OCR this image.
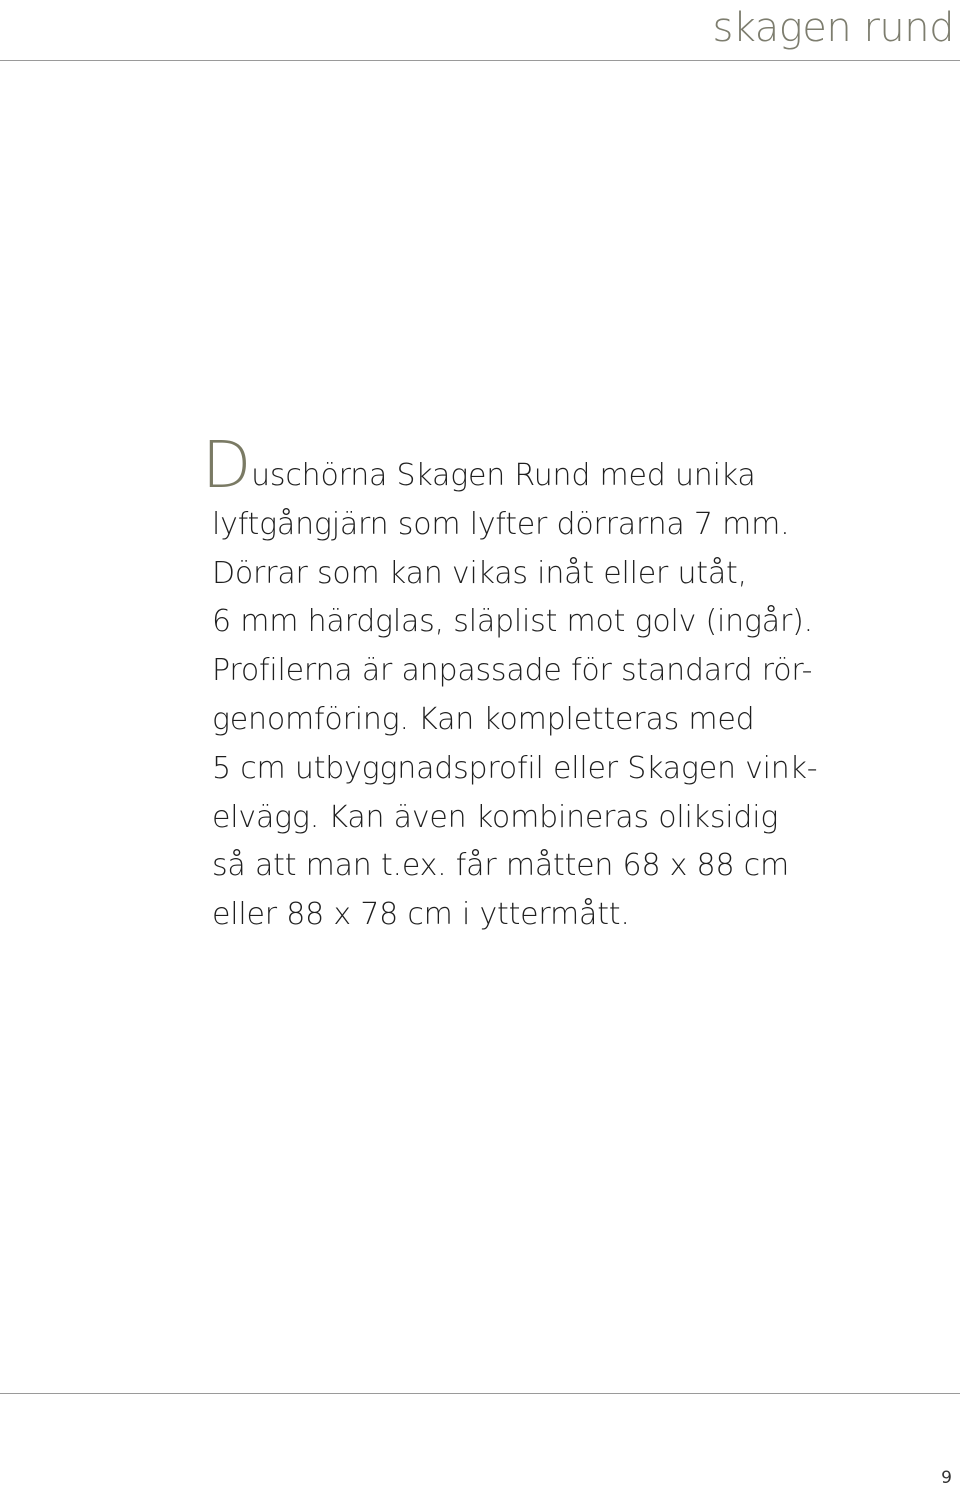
skagen rund
Duschörna Skagen Rund med unika
lyftgångjärn som lyfter dörrarna 7 mm.
Dörrar som kan vikas inåt eller utåt,
6 mm härdglas, släplist mot golv (ingår).
Profilerna är anpassade för standard rör-
genomföring. Kan kompletteras med
5 cm utbyggnadsprofil eller Skagen vink-
elvägg. Kan även kombineras oliksidig
så att man t.ex. får måtten 68 x 88 cm
eller 88 x 78 cm i yttermått.
9
